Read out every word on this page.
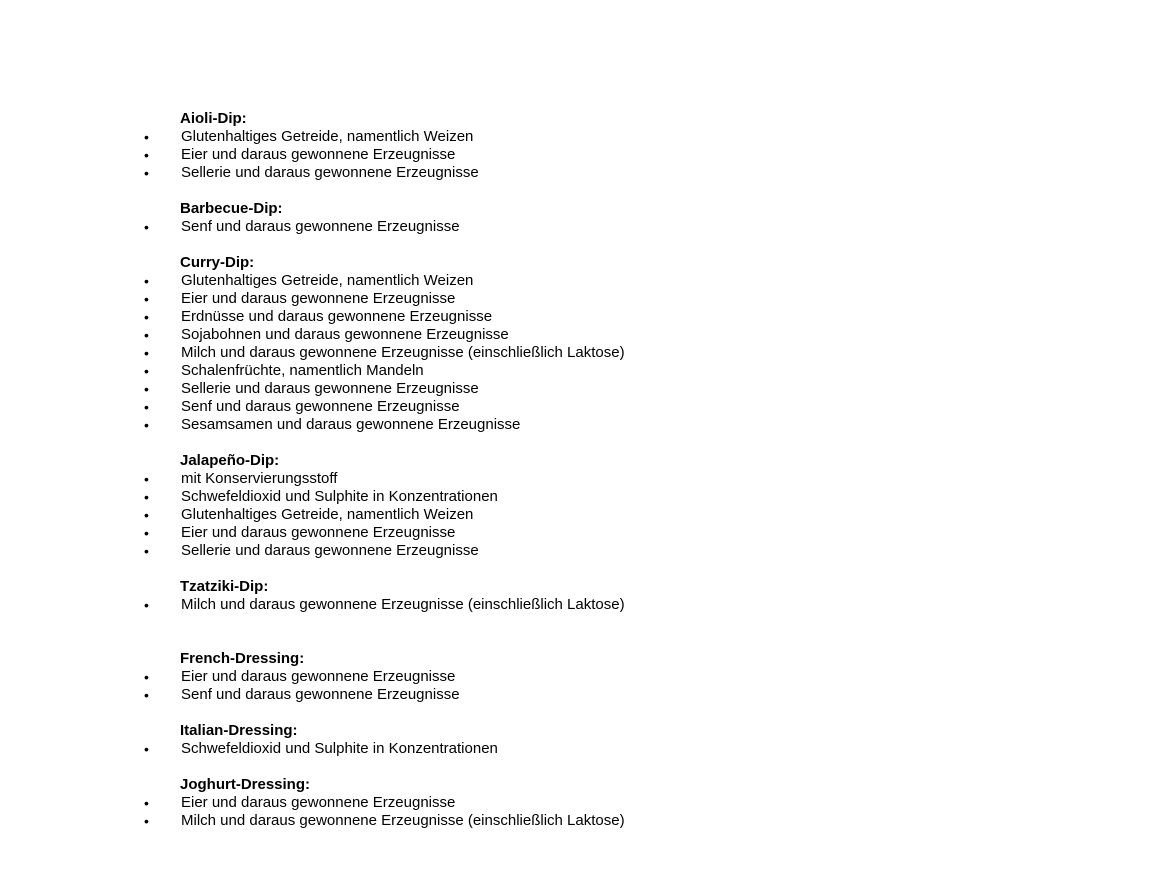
Aioli-Dip:
•	Glutenhaltiges Getreide, namentlich Weizen
•	Eier und daraus gewonnene Erzeugnisse
•	Sellerie und daraus gewonnene Erzeugnisse
Barbecue-Dip:
•	Senf und daraus gewonnene Erzeugnisse
Curry-Dip:
•	Glutenhaltiges Getreide, namentlich Weizen
•	Eier und daraus gewonnene Erzeugnisse
•	Erdnüsse und daraus gewonnene Erzeugnisse
•	Sojabohnen und daraus gewonnene Erzeugnisse
•	Milch und daraus gewonnene Erzeugnisse (einschließlich Laktose)
•	Schalenfrüchte, namentlich Mandeln
•	Sellerie und daraus gewonnene Erzeugnisse
•	Senf und daraus gewonnene Erzeugnisse
•	Sesamsamen und daraus gewonnene Erzeugnisse
Jalapeño-Dip:
•	mit Konservierungsstoff
•	Schwefeldioxid und Sulphite in Konzentrationen
•	Glutenhaltiges Getreide, namentlich Weizen
•	Eier und daraus gewonnene Erzeugnisse
•	Sellerie und daraus gewonnene Erzeugnisse
Tzatziki-Dip:
•	Milch und daraus gewonnene Erzeugnisse (einschließlich Laktose)
French-Dressing:
•	Eier und daraus gewonnene Erzeugnisse
•	Senf und daraus gewonnene Erzeugnisse
Italian-Dressing:
•	Schwefeldioxid und Sulphite in Konzentrationen
Joghurt-Dressing:
•	Eier und daraus gewonnene Erzeugnisse
•	Milch und daraus gewonnene Erzeugnisse (einschließlich Laktose)
